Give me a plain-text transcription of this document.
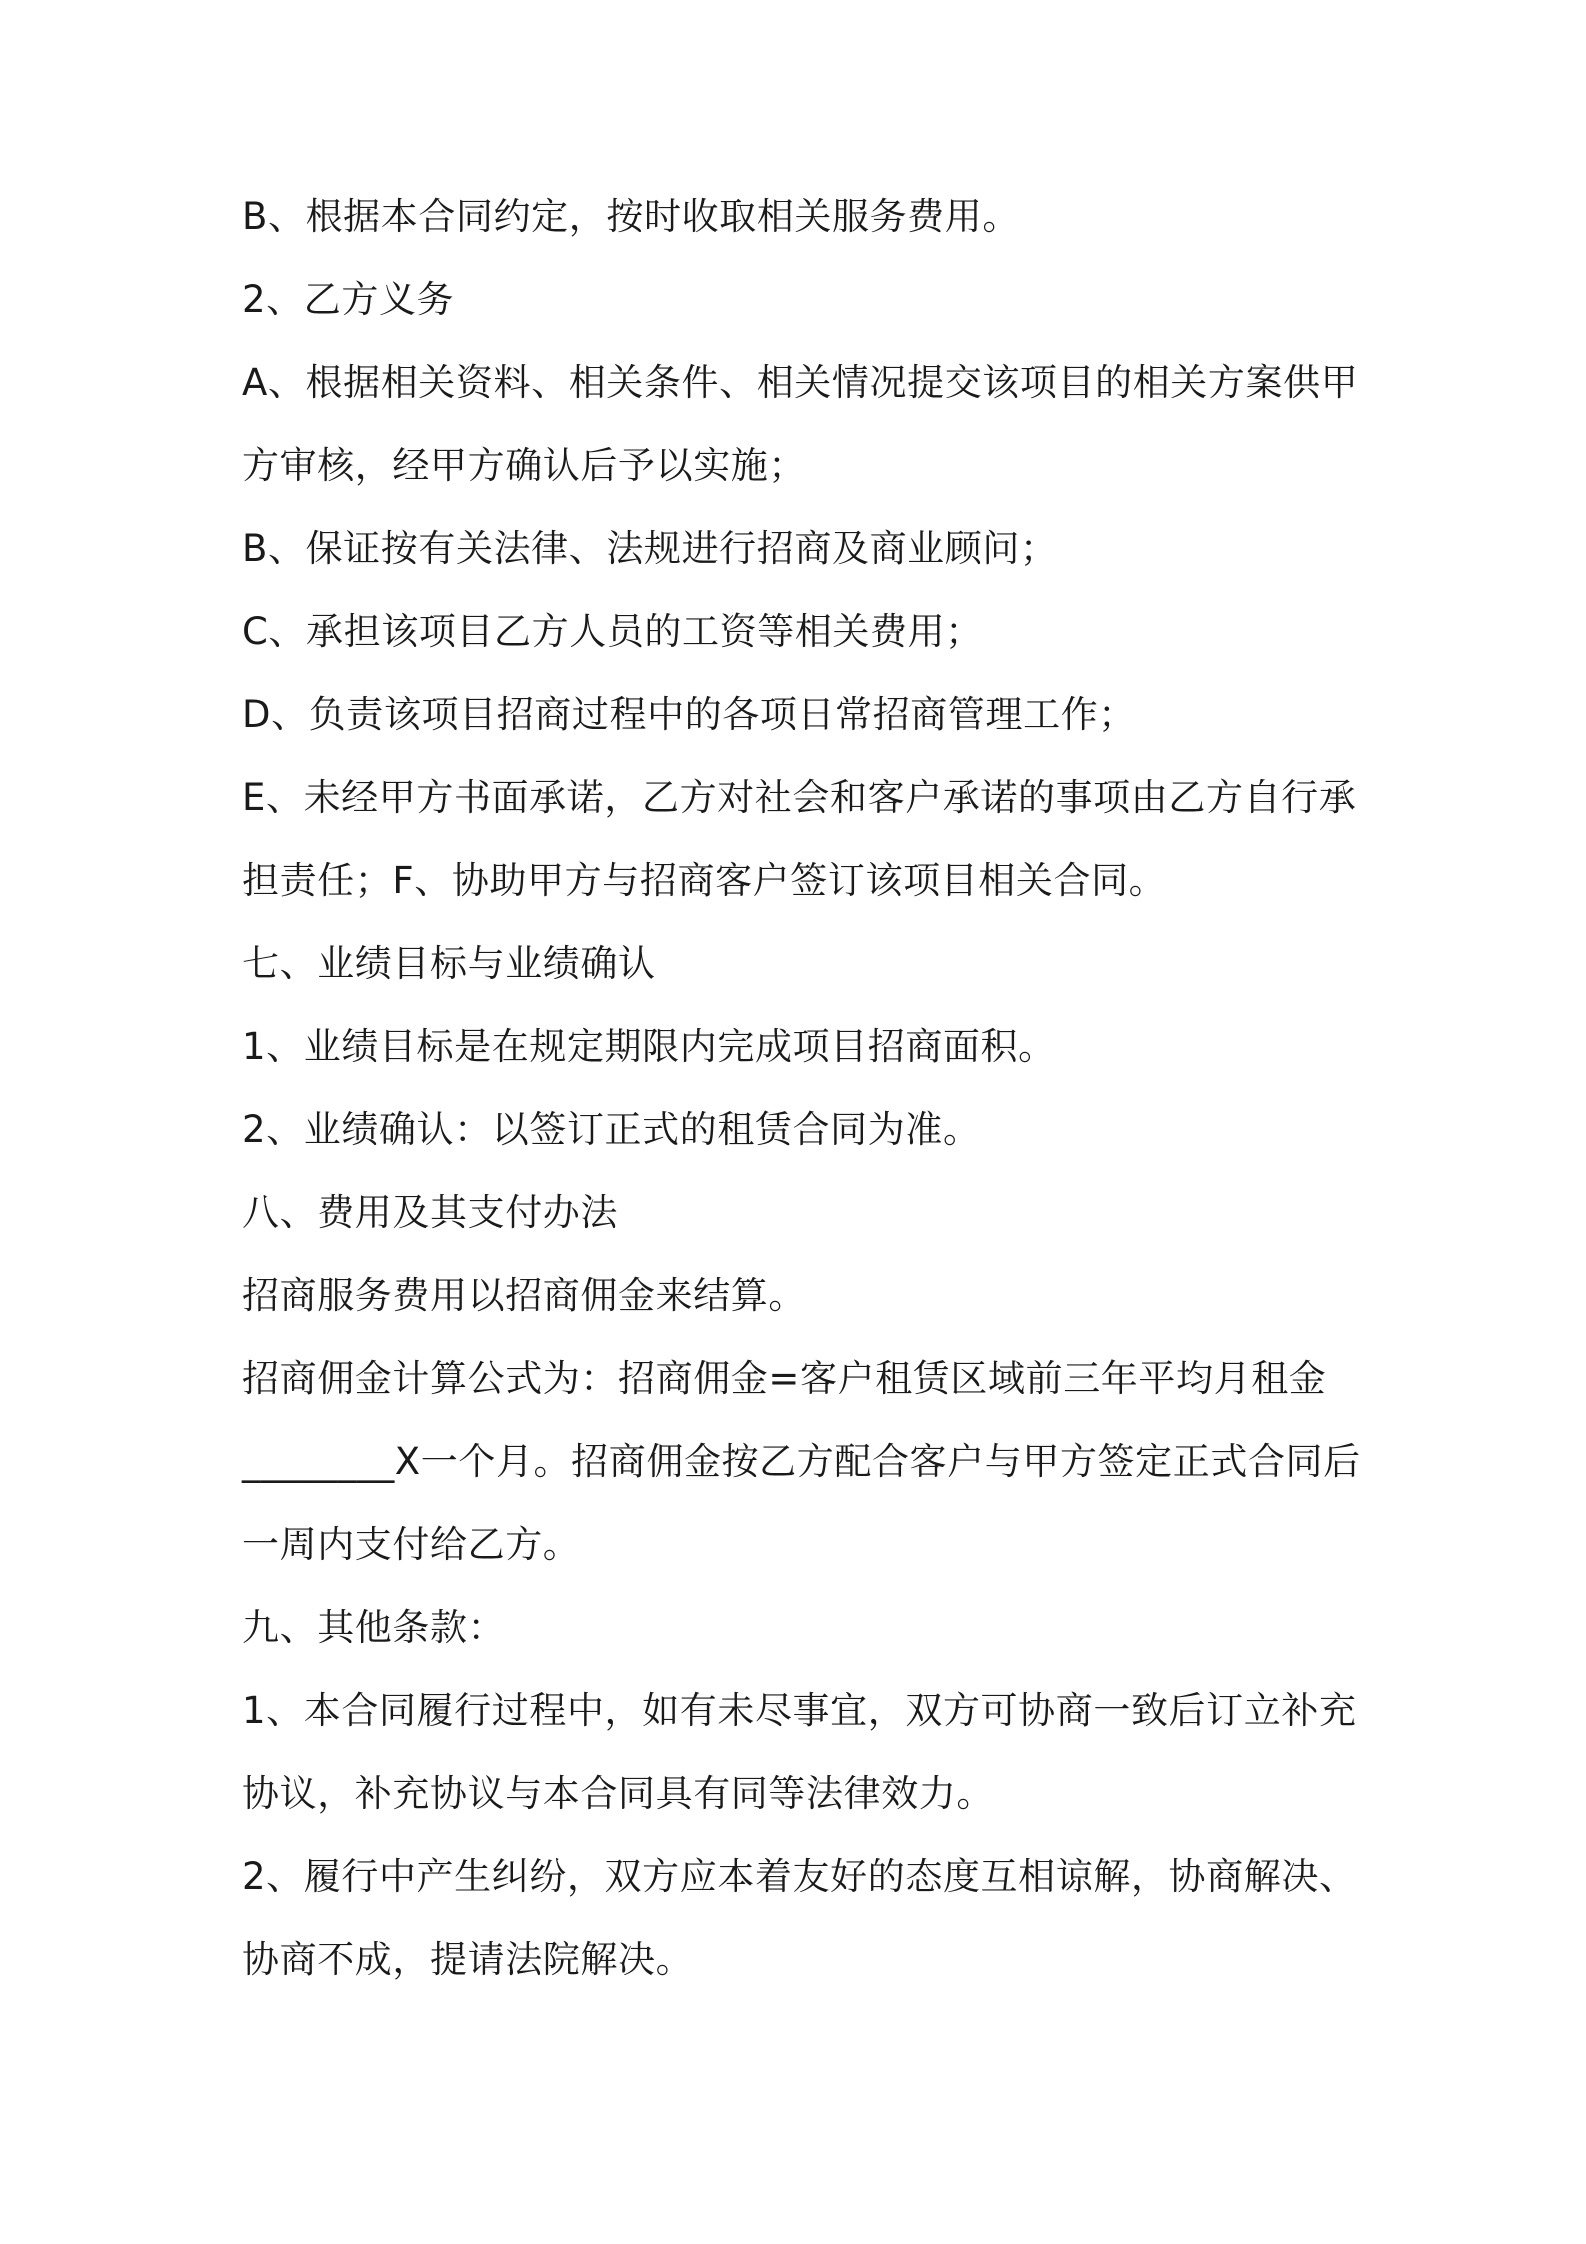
B、根据本合同约定，按时收取相关服务费用。
2、乙方义务
A、根据相关资料、相关条件、相关情况提交该项目的相关方案供甲
方审核，经甲方确认后予以实施；
B、保证按有关法律、法规进行招商及商业顾问；
C、承担该项目乙方人员的工资等相关费用；
D、负责该项目招商过程中的各项日常招商管理工作；
E、未经甲方书面承诺，乙方对社会和客户承诺的事项由乙方自行承
担责任；F、协助甲方与招商客户签订该项目相关合同。
七、业绩目标与业绩确认
1、业绩目标是在规定期限内完成项目招商面积。
2、业绩确认：以签订正式的租赁合同为准。
八、费用及其支付办法
招商服务费用以招商佣金来结算。
招商佣金计算公式为：招商佣金=客户租赁区域前三年平均月租金
________X一个月。招商佣金按乙方配合客户与甲方签定正式合同后
一周内支付给乙方。
九、其他条款：
1、本合同履行过程中，如有未尽事宜，双方可协商一致后订立补充
协议，补充协议与本合同具有同等法律效力。
2、履行中产生纠纷，双方应本着友好的态度互相谅解，协商解决、
协商不成，提请法院解决。
